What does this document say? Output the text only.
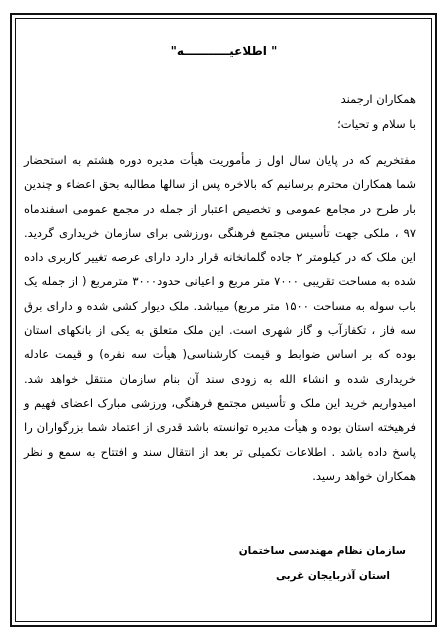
" اطلاعیـــــــــــه"
همکاران ارجمند
با سلام و تحیات؛

مفتخریم که در پایان سال اول ز مأموریت هیأت مدیره دوره هشتم به استحضار شما همکاران محترم برسانیم که بالاخره پس از سالها مطالبه بحق اعضاء و چندین بار طرح در مجامع عمومی و تخصیص اعتبار از جمله در مجمع عمومی اسفندماه ۹۷ ، ملکی جهت تأسیس مجتمع فرهنگی ،ورزشی برای سازمان خریداری گردید. این ملک که در کیلومتر ۲ جاده گلمانخانه قرار دارد دارای عرصه تغییر کاربری داده شده به مساحت تقریبی ۷۰۰۰ متر مربع و اعیانی حدود۳۰۰۰ مترمربع ( از جمله یک باب سوله به مساحت ۱۵۰۰ متر مربع) میباشد. ملک دیوار کشی شده و دارای برق سه فاز ، تکفازآب و گاز شهری است. این ملک متعلق به یکی از بانکهای استان بوده که بر اساس ضوابط و قیمت کارشناسی( هیأت سه نفره) و قیمت عادله خریداری شده و انشاء الله به زودی سند آن بنام سازمان منتقل خواهد شد. امیدواریم خرید این ملک و تأسیس مجتمع فرهنگی، ورزشی مبارک اعضای فهیم و فرهیخته استان بوده و هیأت مدیره توانسته باشد قدری از اعتماد شما بزرگواران را پاسخ داده باشد . اطلاعات تکمیلی تر بعد از انتقال سند و افتتاح به سمع و نظر همکاران خواهد رسید.

سازمان نظام مهندسی ساختمان
استان آذربایجان غربی
